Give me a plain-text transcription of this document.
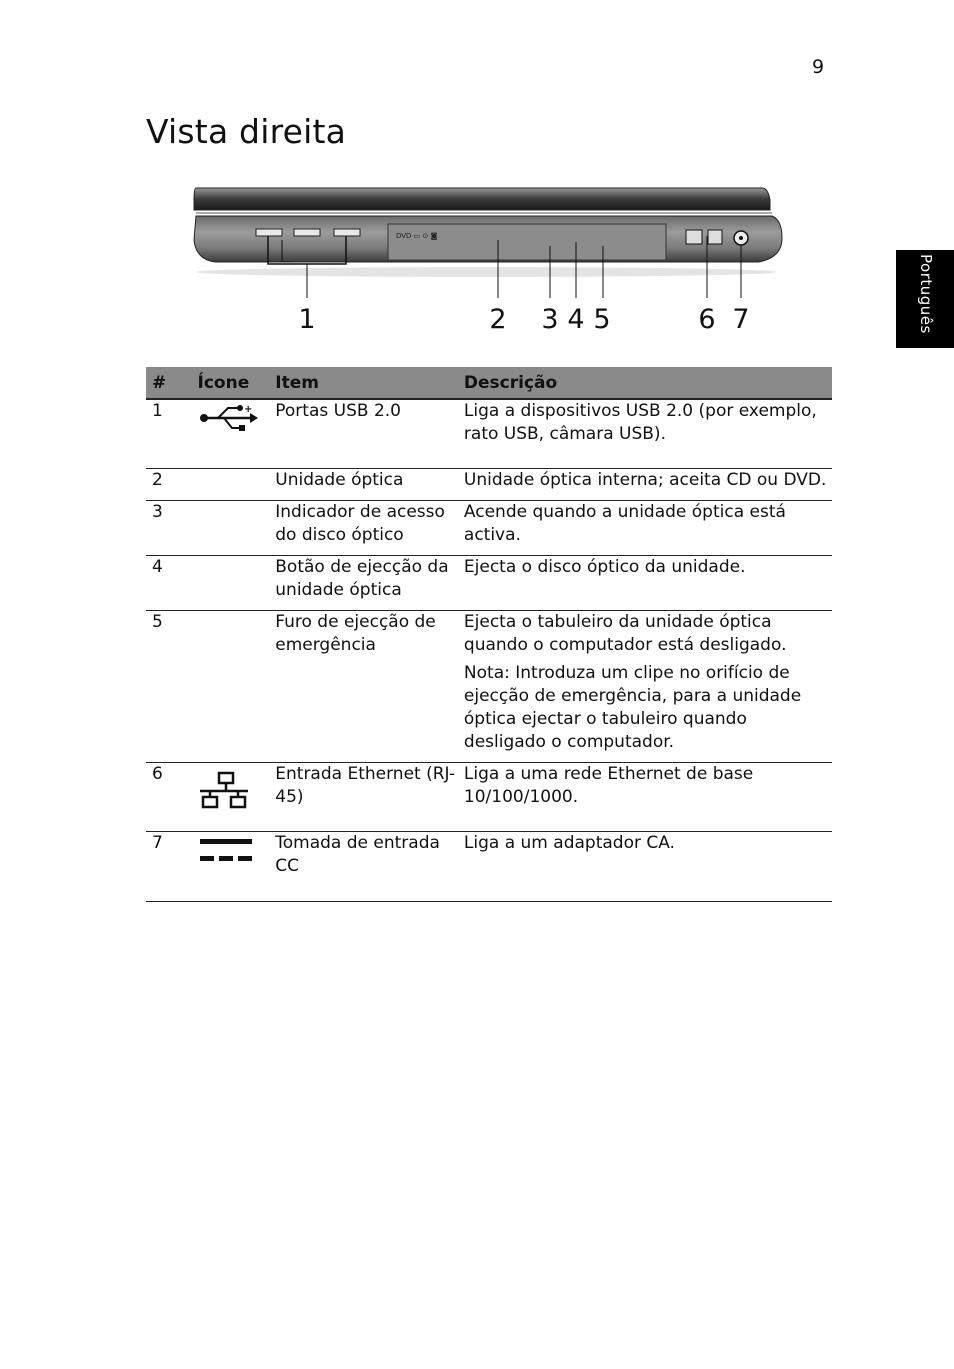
9
Vista direita
Português
DVD ▭ ⊙ ◙
1	2 3 4 5	6 7
#	Ícone	Item	Descrição
1	+	Portas USB 2.0	Liga a dispositivos USB 2.0 (por exemplo, rato USB, câmara USB).
2		Unidade óptica	Unidade óptica interna; aceita CD ou DVD.
3		Indicador de acesso do disco óptico	Acende quando a unidade óptica está activa.
4		Botão de ejecção da unidade óptica	Ejecta o disco óptico da unidade.
5		Furo de ejecção de emergência	Ejecta o tabuleiro da unidade óptica quando o computador está desligado.

Nota: Introduza um clipe no orifício de ejecção de emergência, para a unidade óptica ejectar o tabuleiro quando desligado o computador.

6		Entrada Ethernet (RJ-45)	Liga a uma rede Ethernet de base 10/100/1000.
7		Tomada de entrada CC	Liga a um adaptador CA.
